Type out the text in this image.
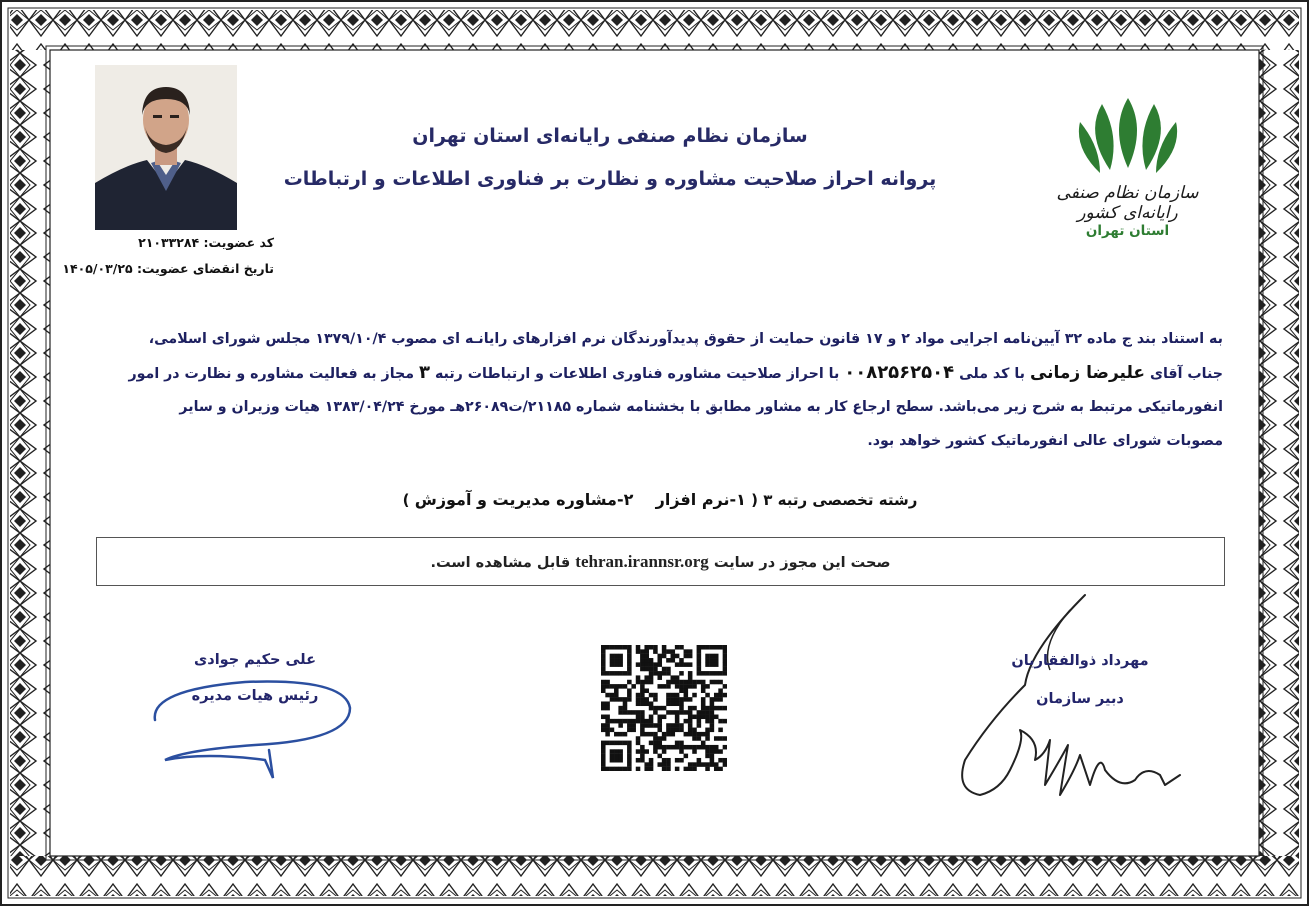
کد عضویت: ۲۱۰۳۳۲۸۴
تاریخ انقضای عضویت: ۱۴۰۵/۰۳/۲۵
سازمان نظام صنفی رایانه‌ای استان تهران
پروانه احراز صلاحیت مشاوره و نظارت بر فناوری اطلاعات و ارتباطات
سازمان نظام صنفی رایانه‌ای کشور
استان تهران
به استناد بند ج ماده ۳۲ آیین‌نامه اجرایی مواد ۲ و ۱۷ قانون حمایت از حقوق پدیدآورندگان نرم افزارهای رایانـه ای مصوب ۱۳۷۹/۱۰/۴ مجلس شورای اسلامی،
جناب آقای علیرضا زمانی با کد ملی ۰۰۸۲۵۶۲۵۰۴ با احراز صلاحیت مشاوره فناوری اطلاعات و ارتباطات رتبه ۳ مجاز به فعالیت مشاوره و نظارت در امور
انفورماتیکی مرتبط به شرح زیر می‌باشد. سطح ارجاع کار به مشاور مطابق با بخشنامه شماره ۲۱۱۸۵/ت۲۶۰۸۹هـ مورخ ۱۳۸۳/۰۴/۲۴ هیات وزیران و سایر
مصوبات شورای عالی انفورماتیک کشور خواهد بود.
رشته تخصصی رتبه ۳ ( ۱-نرم افزار    ۲-مشاوره مدیریت و آموزش )
صحت این مجوز در سایت tehran.irannsr.org قابل مشاهده است.
علی حکیم جوادی
رئیس هیات مدیره
مهرداد ذوالفقاریان
دبیر سازمان
